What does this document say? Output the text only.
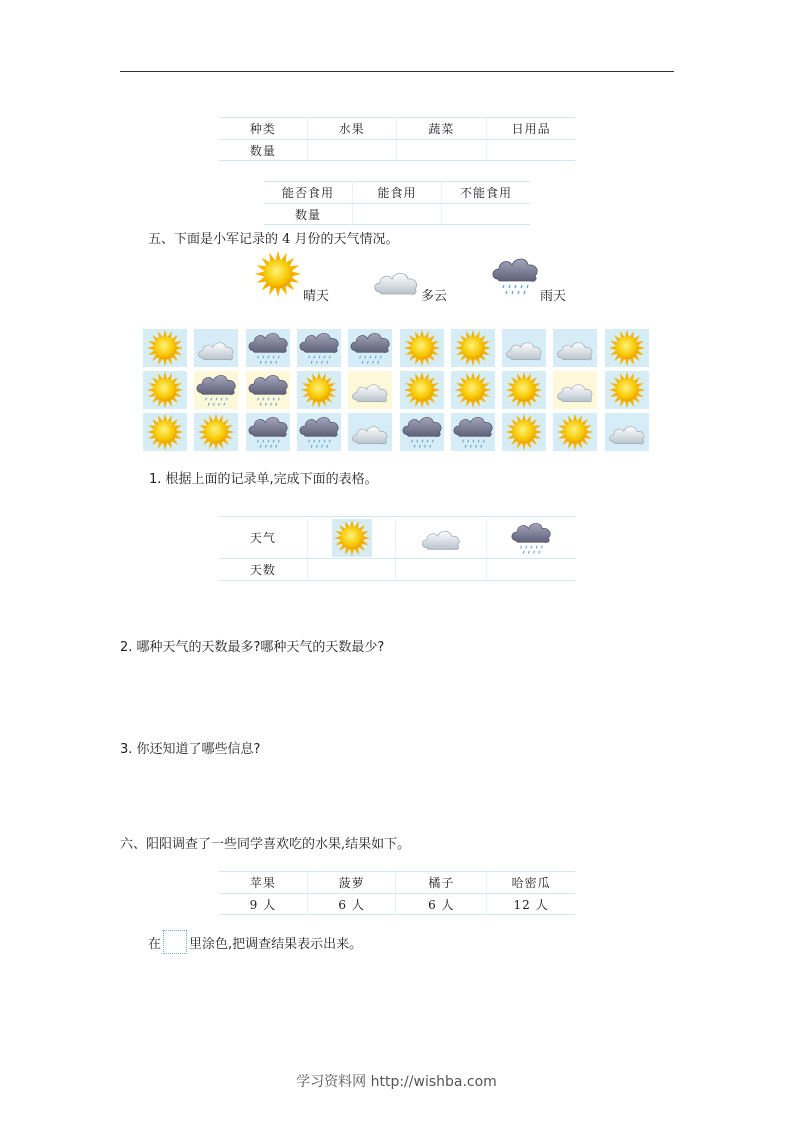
种类	水果	蔬菜	日用品
数量			
能否食用	能食用	不能食用
数量		
五、下面是小军记录的 4 月份的天气情况。
晴天	多云	雨天
1. 根据上面的记录单,完成下面的表格。
天气	

天数			
2. 哪种天气的天数最多?哪种天气的天数最少?
3. 你还知道了哪些信息?
六、阳阳调查了一些同学喜欢吃的水果,结果如下。
苹果	菠萝	橘子	哈密瓜
9 人	6 人	6 人	12 人
在 里涂色,把调查结果表示出来。
学习资料网 http://wishba.com
